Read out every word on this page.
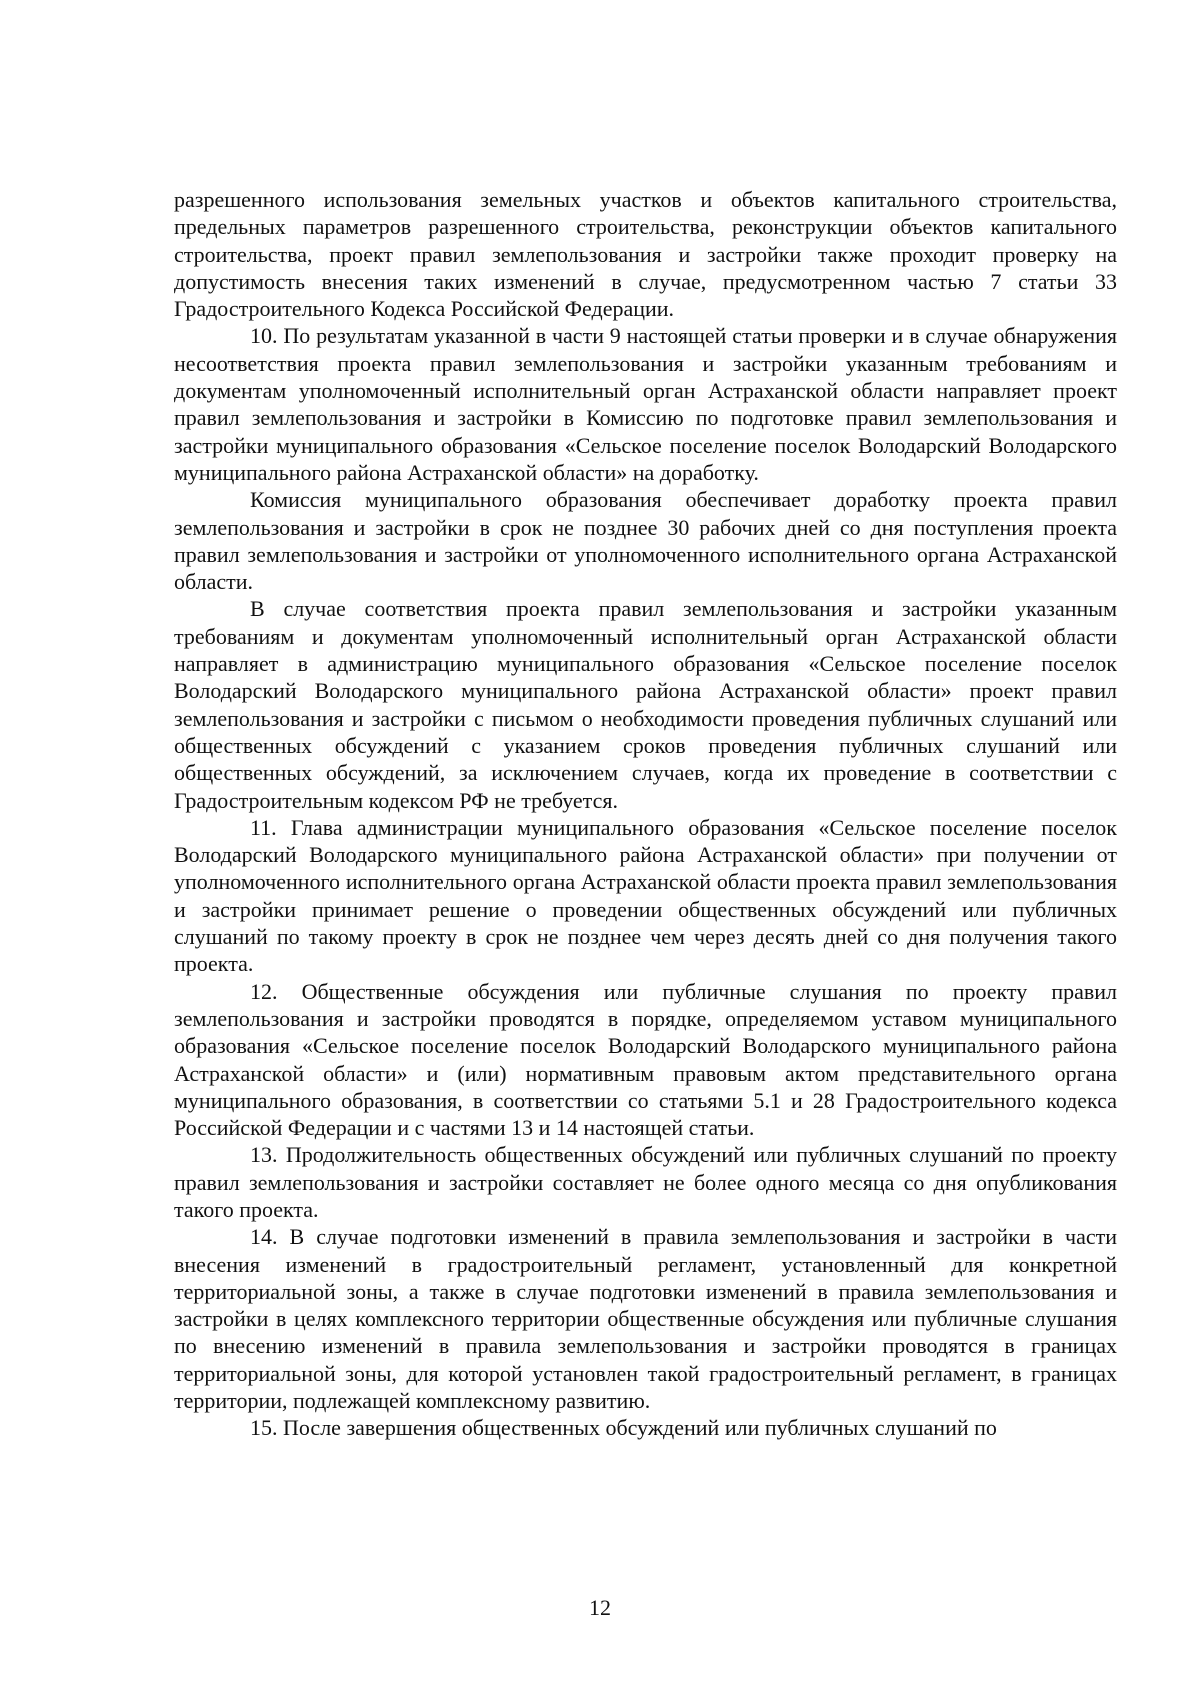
разрешенного использования земельных участков и объектов капитального строительства, предельных параметров разрешенного строительства, реконструкции объектов капитального строительства, проект правил землепользования и застройки также проходит проверку на допустимость внесения таких изменений в случае, предусмотренном частью 7 статьи 33 Градостроительного Кодекса Российской Федерации.

10. По результатам указанной в части 9 настоящей статьи проверки и в случае обнаружения несоответствия проекта правил землепользования и застройки указанным требованиям и документам уполномоченный исполнительный орган Астраханской области направляет проект правил землепользования и застройки в Комиссию по подготовке правил землепользования и застройки муниципального образования «Сельское поселение поселок Володарский Володарского муниципального района Астраханской области» на доработку.

Комиссия муниципального образования обеспечивает доработку проекта правил землепользования и застройки в срок не позднее 30 рабочих дней со дня поступления проекта правил землепользования и застройки от уполномоченного исполнительного органа Астраханской области.

В случае соответствия проекта правил землепользования и застройки указанным требованиям и документам уполномоченный исполнительный орган Астраханской области направляет в администрацию муниципального образования «Сельское поселение поселок Володарский Володарского муниципального района Астраханской области» проект правил землепользования и застройки с письмом о необходимости проведения публичных слушаний или общественных обсуждений с указанием сроков проведения публичных слушаний или общественных обсуждений, за исключением случаев, когда их проведение в соответствии с Градостроительным кодексом РФ не требуется.

11. Глава администрации муниципального образования «Сельское поселение поселок Володарский Володарского муниципального района Астраханской области» при получении от уполномоченного исполнительного органа Астраханской области проекта правил землепользования и застройки принимает решение о проведении общественных обсуждений или публичных слушаний по такому проекту в срок не позднее чем через десять дней со дня получения такого проекта.

12. Общественные обсуждения или публичные слушания по проекту правил землепользования и застройки проводятся в порядке, определяемом уставом муниципального образования «Сельское поселение поселок Володарский Володарского муниципального района Астраханской области» и (или) нормативным правовым актом представительного органа муниципального образования, в соответствии со статьями 5.1 и 28 Градостроительного кодекса Российской Федерации и с частями 13 и 14 настоящей статьи.

13. Продолжительность общественных обсуждений или публичных слушаний по проекту правил землепользования и застройки составляет не более одного месяца со дня опубликования такого проекта.

14. В случае подготовки изменений в правила землепользования и застройки в части внесения изменений в градостроительный регламент, установленный для конкретной территориальной зоны, а также в случае подготовки изменений в правила землепользования и застройки в целях комплексного территории общественные обсуждения или публичные слушания по внесению изменений в правила землепользования и застройки проводятся в границах территориальной зоны, для которой установлен такой градостроительный регламент, в границах территории, подлежащей комплексному развитию.

15. После завершения общественных обсуждений или публичных слушаний по

12
